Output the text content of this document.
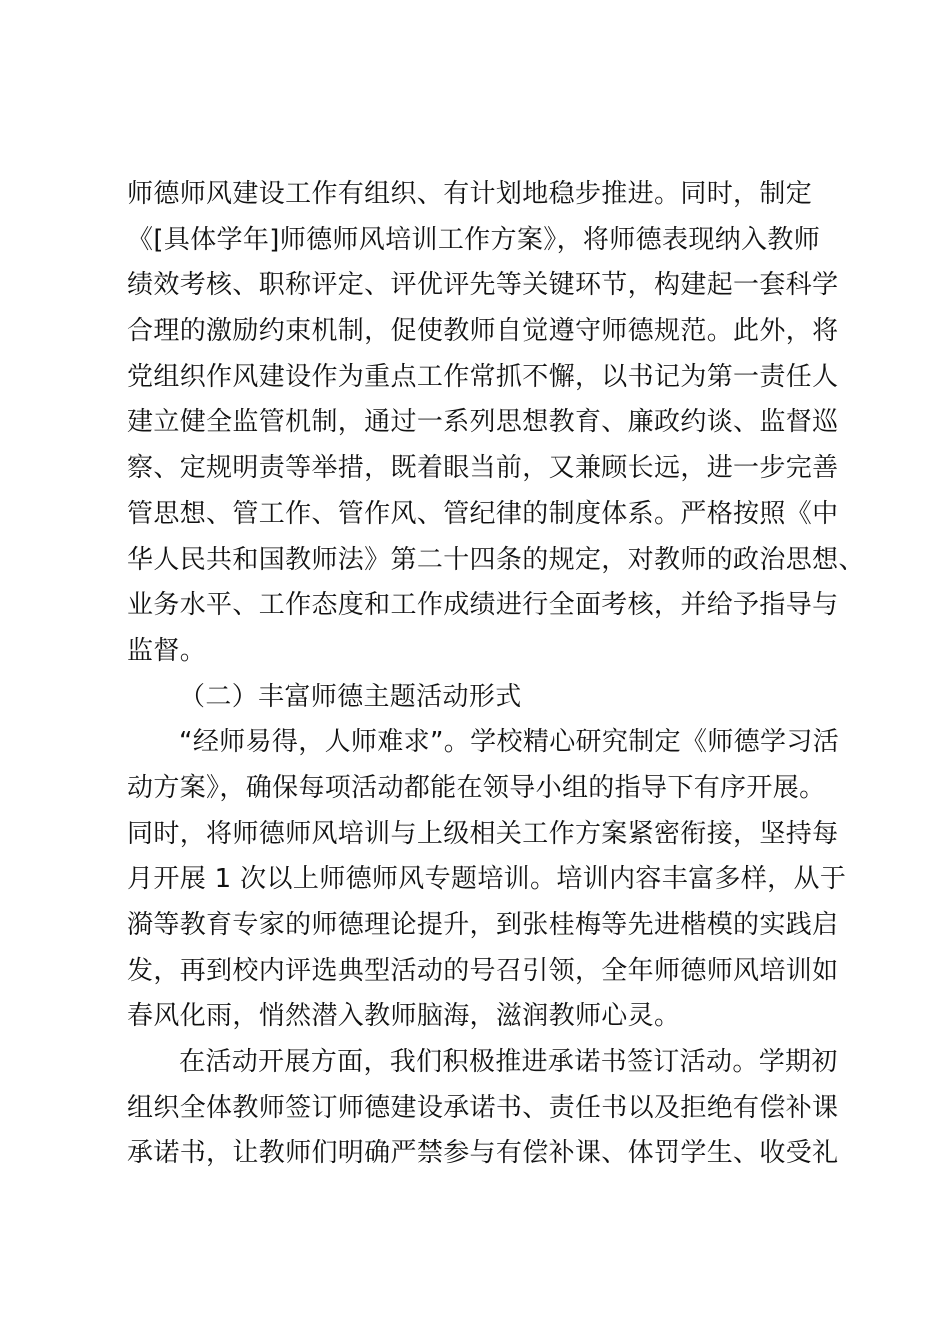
师德师风建设工作有组织、有计划地稳步推进。同时，制定
《[具体学年]师德师风培训工作方案》，将师德表现纳入教师
绩效考核、职称评定、评优评先等关键环节，构建起一套科学
合理的激励约束机制，促使教师自觉遵守师德规范。此外，将
党组织作风建设作为重点工作常抓不懈，以书记为第一责任人
建立健全监管机制，通过一系列思想教育、廉政约谈、监督巡
察、定规明责等举措，既着眼当前，又兼顾长远，进一步完善
管思想、管工作、管作风、管纪律的制度体系。严格按照《中
华人民共和国教师法》第二十四条的规定，对教师的政治思想、
业务水平、工作态度和工作成绩进行全面考核，并给予指导与
监督。
（二）丰富师德主题活动形式
“经师易得，人师难求”。学校精心研究制定《师德学习活
动方案》，确保每项活动都能在领导小组的指导下有序开展。
同时，将师德师风培训与上级相关工作方案紧密衔接，坚持每
月开展 1 次以上师德师风专题培训。培训内容丰富多样，从于
漪等教育专家的师德理论提升，到张桂梅等先进楷模的实践启
发，再到校内评选典型活动的号召引领，全年师德师风培训如
春风化雨，悄然潜入教师脑海，滋润教师心灵。
在活动开展方面，我们积极推进承诺书签订活动。学期初
组织全体教师签订师德建设承诺书、责任书以及拒绝有偿补课
承诺书，让教师们明确严禁参与有偿补课、体罚学生、收受礼
